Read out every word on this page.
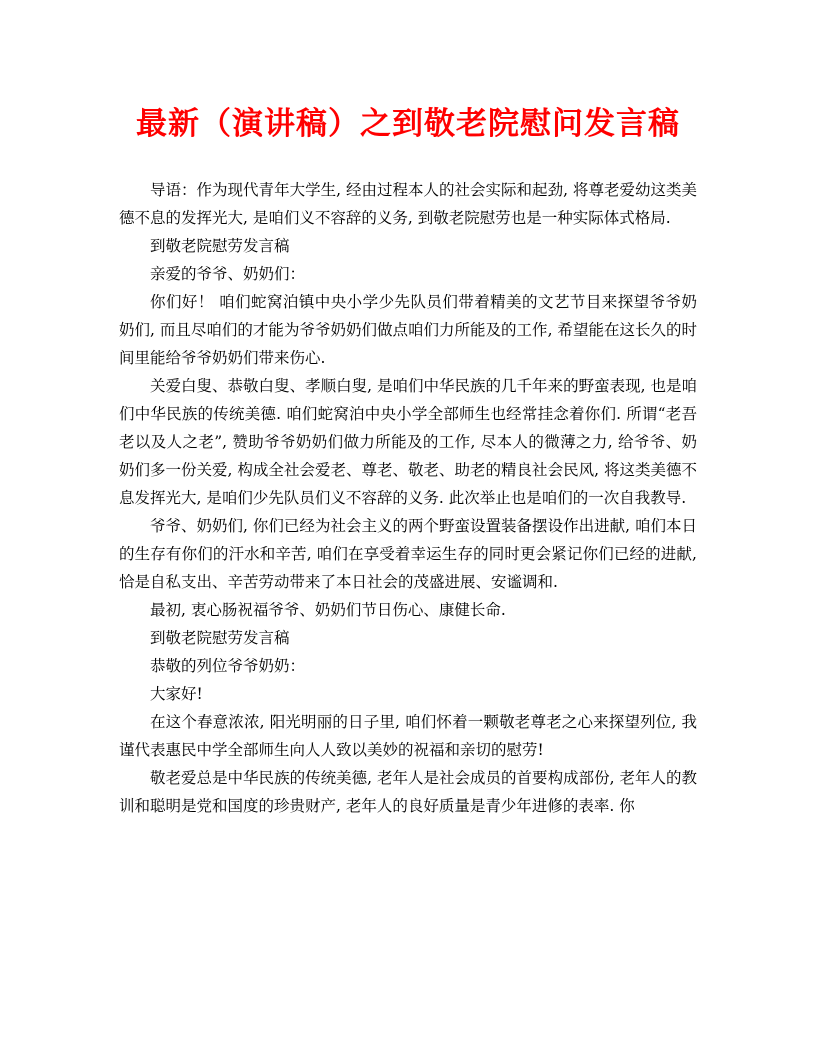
最新（演讲稿）之到敬老院慰问发言稿

导语：作为现代青年大学生, 经由过程本人的社会实际和起劲, 将尊老爱幼这类美德不息的发挥光大, 是咱们义不容辞的义务, 到敬老院慰劳也是一种实际体式格局.

到敬老院慰劳发言稿

亲爱的爷爷、奶奶们：

你们好！ 咱们蛇窝泊镇中央小学少先队员们带着精美的文艺节目来探望爷爷奶奶们, 而且尽咱们的才能为爷爷奶奶们做点咱们力所能及的工作, 希望能在这长久的时间里能给爷爷奶奶们带来伤心.

关爱白叟、恭敬白叟、孝顺白叟, 是咱们中华民族的几千年来的野蛮表现, 也是咱们中华民族的传统美德. 咱们蛇窝泊中央小学全部师生也经常挂念着你们. 所谓“老吾老以及人之老”, 赞助爷爷奶奶们做力所能及的工作, 尽本人的微薄之力, 给爷爷、奶奶们多一份关爱, 构成全社会爱老、尊老、敬老、助老的精良社会民风, 将这类美德不息发挥光大, 是咱们少先队员们义不容辞的义务. 此次举止也是咱们的一次自我教导.

爷爷、奶奶们, 你们已经为社会主义的两个野蛮设置装备摆设作出进献, 咱们本日的生存有你们的汗水和辛苦, 咱们在享受着幸运生存的同时更会紧记你们已经的进献, 恰是自私支出、辛苦劳动带来了本日社会的茂盛进展、安谧调和.

最初, 衷心肠祝福爷爷、奶奶们节日伤心、康健长命.

到敬老院慰劳发言稿

恭敬的列位爷爷奶奶：

大家好!

在这个春意浓浓, 阳光明丽的日子里, 咱们怀着一颗敬老尊老之心来探望列位, 我谨代表惠民中学全部师生向人人致以美妙的祝福和亲切的慰劳!

敬老爱总是中华民族的传统美德, 老年人是社会成员的首要构成部份, 老年人的教训和聪明是党和国度的珍贵财产, 老年人的良好质量是青少年进修的表率. 你
